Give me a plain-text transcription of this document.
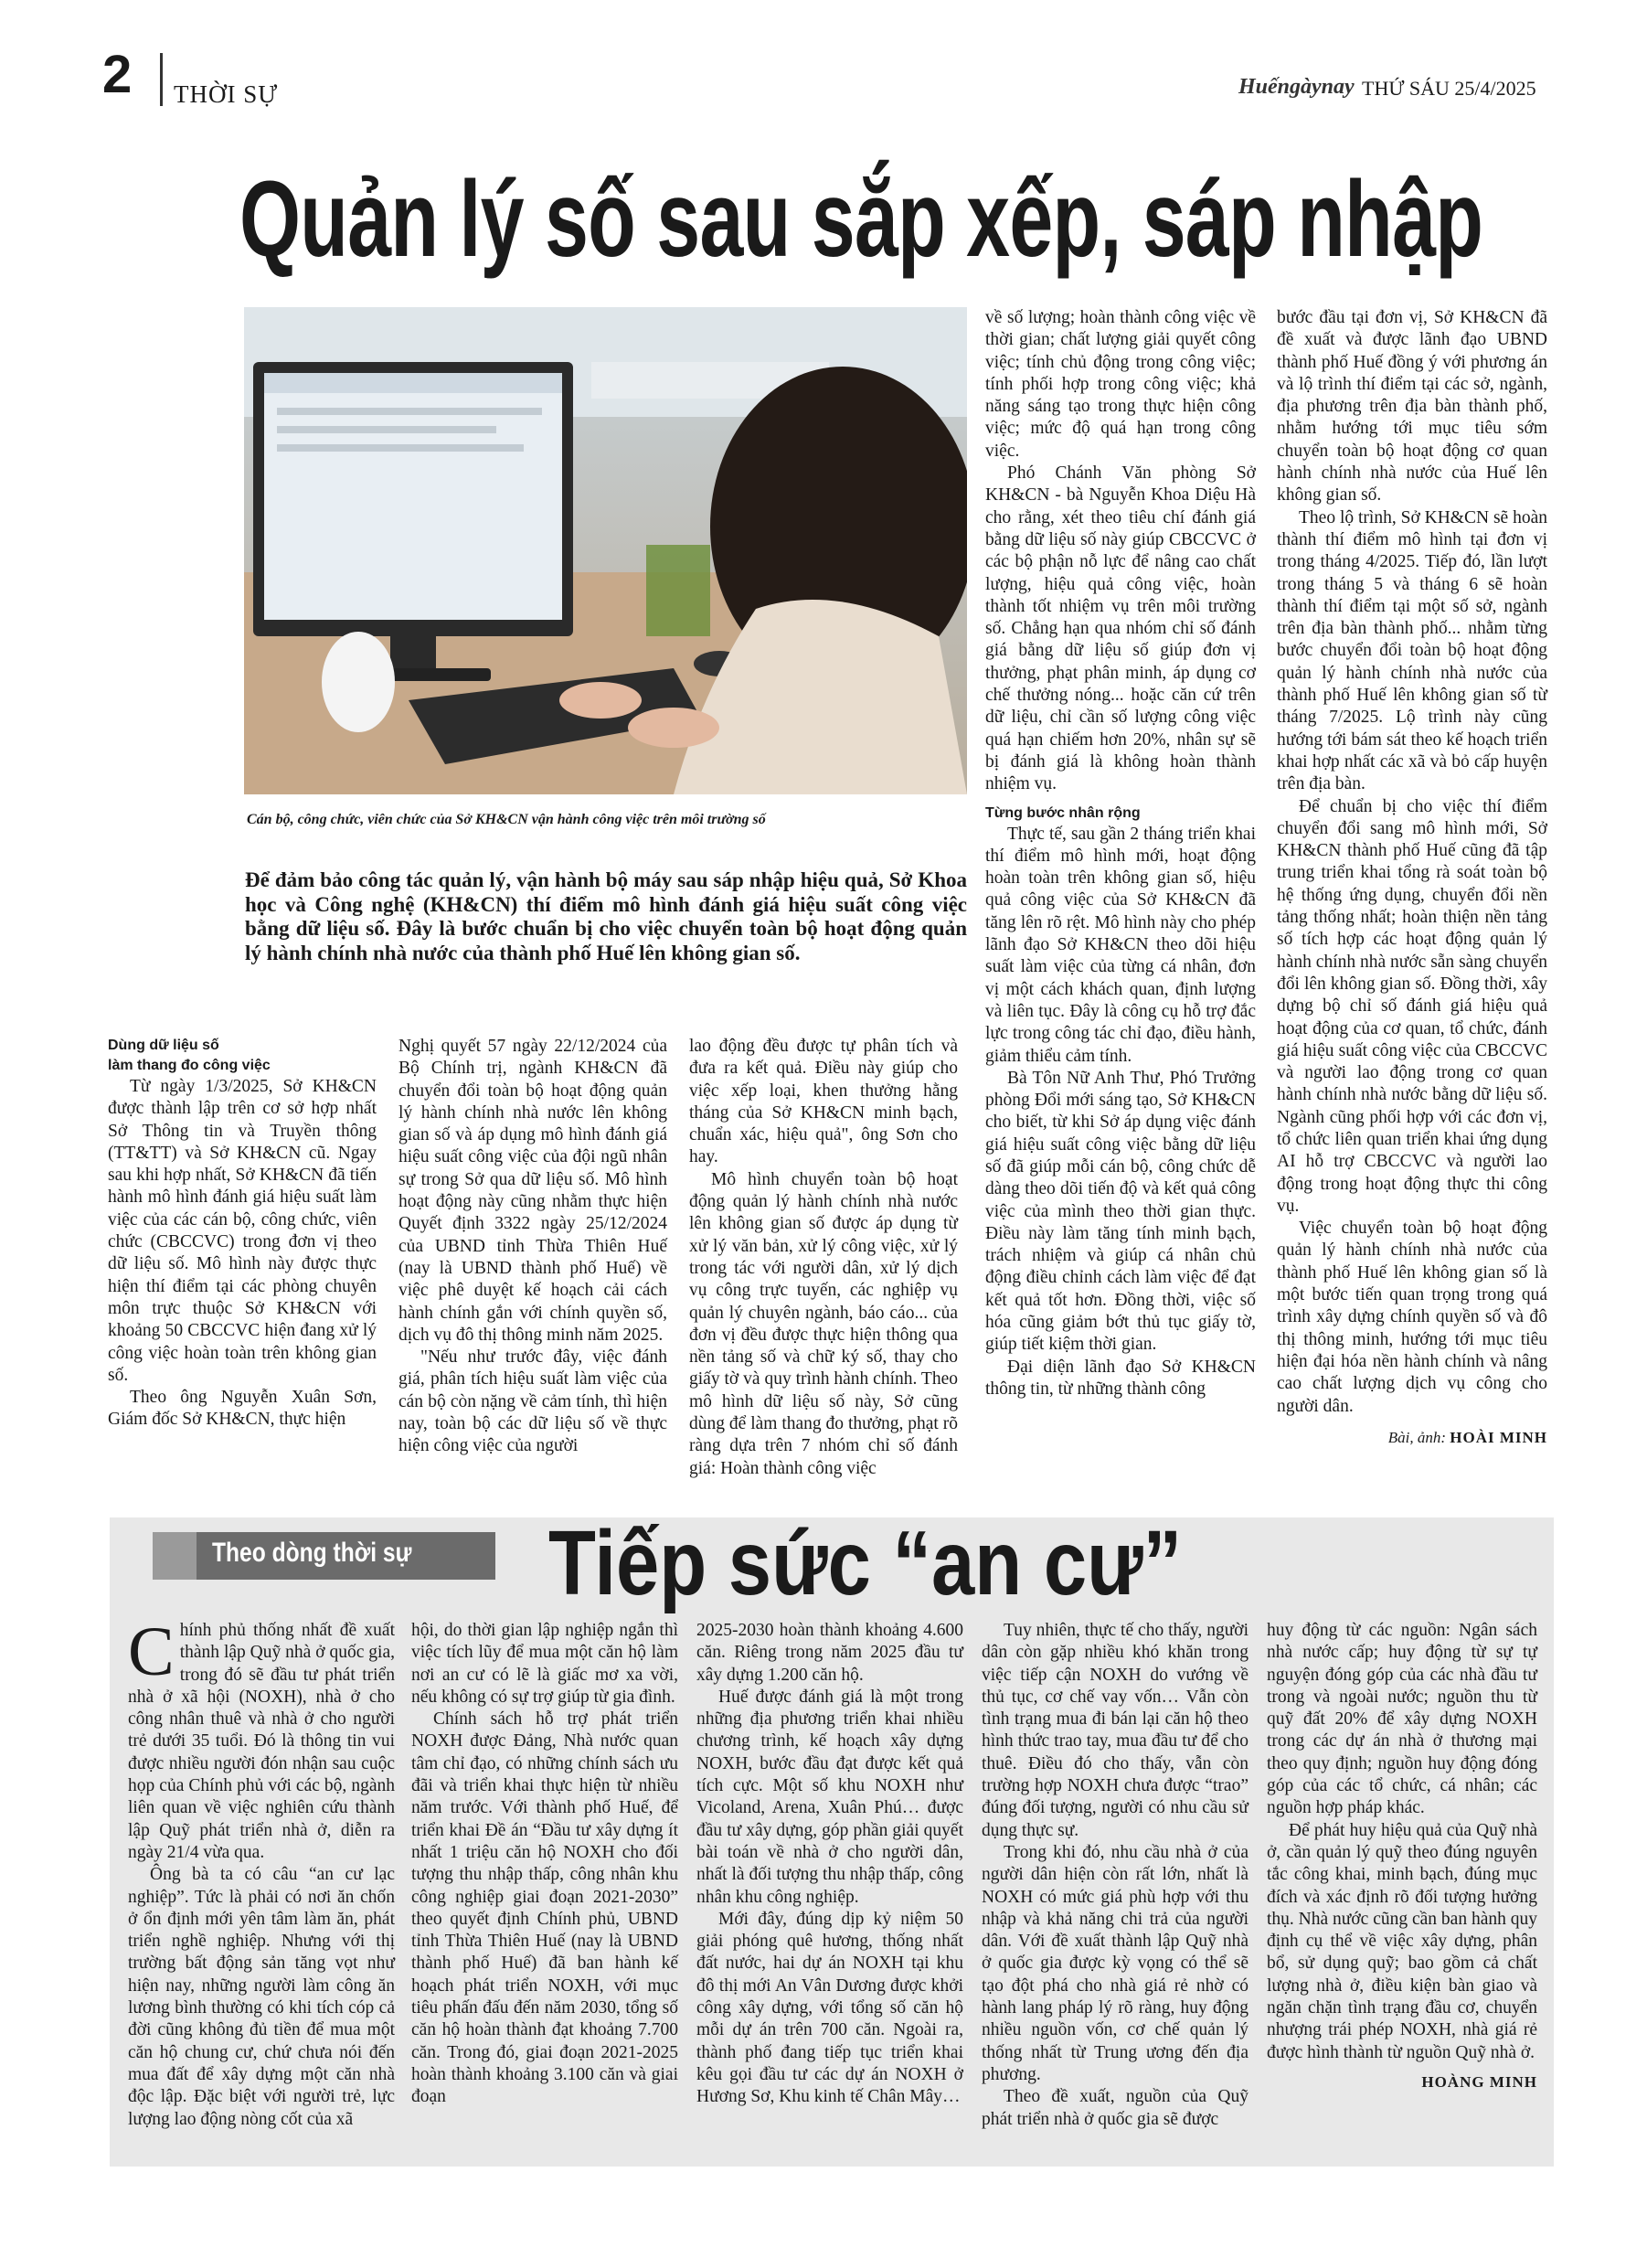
2 THỜI SỰ	Huếngàynay THỨ SÁU 25/4/2025
Quản lý số sau sắp xếp, sáp nhập
Cán bộ, công chức, viên chức của Sở KH&CN vận hành công việc trên môi trường số
Để đảm bảo công tác quản lý, vận hành bộ máy sau sáp nhập hiệu quả, Sở Khoa học và Công nghệ (KH&CN) thí điểm mô hình đánh giá hiệu suất công việc bằng dữ liệu số. Đây là bước chuẩn bị cho việc chuyển toàn bộ hoạt động quản lý hành chính nhà nước của thành phố Huế lên không gian số.
Dùng dữ liệu số
làm thang đo công việc

Từ ngày 1/3/2025, Sở KH&CN được thành lập trên cơ sở hợp nhất Sở Thông tin và Truyền thông (TT&TT) và Sở KH&CN cũ. Ngay sau khi hợp nhất, Sở KH&CN đã tiến hành mô hình đánh giá hiệu suất làm việc của các cán bộ, công chức, viên chức (CBCCVC) trong đơn vị theo dữ liệu số. Mô hình này được thực hiện thí điểm tại các phòng chuyên môn trực thuộc Sở KH&CN với khoảng 50 CBCCVC hiện đang xử lý công việc hoàn toàn trên không gian số.

Theo ông Nguyễn Xuân Sơn, Giám đốc Sở KH&CN, thực hiện

Nghị quyết 57 ngày 22/12/2024 của Bộ Chính trị, ngành KH&CN đã chuyển đổi toàn bộ hoạt động quản lý hành chính nhà nước lên không gian số và áp dụng mô hình đánh giá hiệu suất công việc của đội ngũ nhân sự trong Sở qua dữ liệu số. Mô hình hoạt động này cũng nhằm thực hiện Quyết định 3322 ngày 25/12/2024 của UBND tỉnh Thừa Thiên Huế (nay là UBND thành phố Huế) về việc phê duyệt kế hoạch cải cách hành chính gắn với chính quyền số, dịch vụ đô thị thông minh năm 2025.

"Nếu như trước đây, việc đánh giá, phân tích hiệu suất làm việc của cán bộ còn nặng về cảm tính, thì hiện nay, toàn bộ các dữ liệu số về thực hiện công việc của người

lao động đều được tự phân tích và đưa ra kết quả. Điều này giúp cho việc xếp loại, khen thưởng hằng tháng của Sở KH&CN minh bạch, chuẩn xác, hiệu quả", ông Sơn cho hay.

Mô hình chuyển toàn bộ hoạt động quản lý hành chính nhà nước lên không gian số được áp dụng từ xử lý văn bản, xử lý công việc, xử lý trong tác với người dân, xử lý dịch vụ công trực tuyến, các nghiệp vụ quản lý chuyên ngành, báo cáo... của đơn vị đều được thực hiện thông qua nền tảng số và chữ ký số, thay cho giấy tờ và quy trình hành chính. Theo mô hình dữ liệu số này, Sở cũng dùng để làm thang đo thưởng, phạt rõ ràng dựa trên 7 nhóm chỉ số đánh giá: Hoàn thành công việc

về số lượng; hoàn thành công việc về thời gian; chất lượng giải quyết công việc; tính chủ động trong công việc; tính phối hợp trong công việc; khả năng sáng tạo trong thực hiện công việc; mức độ quá hạn trong công việc.

Phó Chánh Văn phòng Sở KH&CN - bà Nguyễn Khoa Diệu Hà cho rằng, xét theo tiêu chí đánh giá bằng dữ liệu số này giúp CBCCVC ở các bộ phận nỗ lực để nâng cao chất lượng, hiệu quả công việc, hoàn thành tốt nhiệm vụ trên môi trường số. Chẳng hạn qua nhóm chỉ số đánh giá bằng dữ liệu số giúp đơn vị thưởng, phạt phân minh, áp dụng cơ chế thưởng nóng... hoặc căn cứ trên dữ liệu, chỉ cần số lượng công việc quá hạn chiếm hơn 20%, nhân sự sẽ bị đánh giá là không hoàn thành nhiệm vụ.

Từng bước nhân rộng

Thực tế, sau gần 2 tháng triển khai thí điểm mô hình mới, hoạt động hoàn toàn trên không gian số, hiệu quả công việc của Sở KH&CN đã tăng lên rõ rệt. Mô hình này cho phép lãnh đạo Sở KH&CN theo dõi hiệu suất làm việc của từng cá nhân, đơn vị một cách khách quan, định lượng và liên tục. Đây là công cụ hỗ trợ đắc lực trong công tác chỉ đạo, điều hành, giảm thiểu cảm tính.

Bà Tôn Nữ Anh Thư, Phó Trưởng phòng Đổi mới sáng tạo, Sở KH&CN cho biết, từ khi Sở áp dụng việc đánh giá hiệu suất công việc bằng dữ liệu số đã giúp mỗi cán bộ, công chức dễ dàng theo dõi tiến độ và kết quả công việc của mình theo thời gian thực. Điều này làm tăng tính minh bạch, trách nhiệm và giúp cá nhân chủ động điều chỉnh cách làm việc để đạt kết quả tốt hơn. Đồng thời, việc số hóa cũng giảm bớt thủ tục giấy tờ, giúp tiết kiệm thời gian.

Đại diện lãnh đạo Sở KH&CN thông tin, từ những thành công

bước đầu tại đơn vị, Sở KH&CN đã đề xuất và được lãnh đạo UBND thành phố Huế đồng ý với phương án và lộ trình thí điểm tại các sở, ngành, địa phương trên địa bàn thành phố, nhằm hướng tới mục tiêu sớm chuyển toàn bộ hoạt động cơ quan hành chính nhà nước của Huế lên không gian số.

Theo lộ trình, Sở KH&CN sẽ hoàn thành thí điểm mô hình tại đơn vị trong tháng 4/2025. Tiếp đó, lần lượt trong tháng 5 và tháng 6 sẽ hoàn thành thí điểm tại một số sở, ngành trên địa bàn thành phố... nhằm từng bước chuyển đổi toàn bộ hoạt động quản lý hành chính nhà nước của thành phố Huế lên không gian số từ tháng 7/2025. Lộ trình này cũng hướng tới bám sát theo kế hoạch triển khai hợp nhất các xã và bỏ cấp huyện trên địa bàn.

Để chuẩn bị cho việc thí điểm chuyển đổi sang mô hình mới, Sở KH&CN thành phố Huế cũng đã tập trung triển khai tổng rà soát toàn bộ hệ thống ứng dụng, chuyển đổi nền tảng thống nhất; hoàn thiện nền tảng số tích hợp các hoạt động quản lý hành chính nhà nước sẵn sàng chuyển đổi lên không gian số. Đồng thời, xây dựng bộ chỉ số đánh giá hiệu quả hoạt động của cơ quan, tổ chức, đánh giá hiệu suất công việc của CBCCVC và người lao động trong cơ quan hành chính nhà nước bằng dữ liệu số. Ngành cũng phối hợp với các đơn vị, tổ chức liên quan triển khai ứng dụng AI hỗ trợ CBCCVC và người lao động trong hoạt động thực thi công vụ.

Việc chuyển toàn bộ hoạt động quản lý hành chính nhà nước của thành phố Huế lên không gian số là một bước tiến quan trọng trong quá trình xây dựng chính quyền số và đô thị thông minh, hướng tới mục tiêu hiện đại hóa nền hành chính và nâng cao chất lượng dịch vụ công cho người dân.

Bài, ảnh: HOÀI MINH
Theo dòng thời sự Tiếp sức “an cư”

Chính phủ thống nhất đề xuất thành lập Quỹ nhà ở quốc gia, trong đó sẽ đầu tư phát triển nhà ở xã hội (NOXH), nhà ở cho công nhân thuê và nhà ở cho người trẻ dưới 35 tuổi. Đó là thông tin vui được nhiều người đón nhận sau cuộc họp của Chính phủ với các bộ, ngành liên quan về việc nghiên cứu thành lập Quỹ phát triển nhà ở, diễn ra ngày 21/4 vừa qua.

Ông bà ta có câu “an cư lạc nghiệp”. Tức là phải có nơi ăn chốn ở ổn định mới yên tâm làm ăn, phát triển nghề nghiệp. Nhưng với thị trường bất động sản tăng vọt như hiện nay, những người làm công ăn lương bình thường có khi tích cóp cả đời cũng không đủ tiền để mua một căn hộ chung cư, chứ chưa nói đến mua đất để xây dựng một căn nhà độc lập. Đặc biệt với người trẻ, lực lượng lao động nòng cốt của xã

hội, do thời gian lập nghiệp ngắn thì việc tích lũy để mua một căn hộ làm nơi an cư có lẽ là giấc mơ xa vời, nếu không có sự trợ giúp từ gia đình.

Chính sách hỗ trợ phát triển NOXH được Đảng, Nhà nước quan tâm chỉ đạo, có những chính sách ưu đãi và triển khai thực hiện từ nhiều năm trước. Với thành phố Huế, để triển khai Đề án “Đầu tư xây dựng ít nhất 1 triệu căn hộ NOXH cho đối tượng thu nhập thấp, công nhân khu công nghiệp giai đoạn 2021-2030” theo quyết định Chính phủ, UBND tỉnh Thừa Thiên Huế (nay là UBND thành phố Huế) đã ban hành kế hoạch phát triển NOXH, với mục tiêu phấn đấu đến năm 2030, tổng số căn hộ hoàn thành đạt khoảng 7.700 căn. Trong đó, giai đoạn 2021-2025 hoàn thành khoảng 3.100 căn và giai đoạn

2025-2030 hoàn thành khoảng 4.600 căn. Riêng trong năm 2025 đầu tư xây dựng 1.200 căn hộ.

Huế được đánh giá là một trong những địa phương triển khai nhiều chương trình, kế hoạch xây dựng NOXH, bước đầu đạt được kết quả tích cực. Một số khu NOXH như Vicoland, Arena, Xuân Phú… được đầu tư xây dựng, góp phần giải quyết bài toán về nhà ở cho người dân, nhất là đối tượng thu nhập thấp, công nhân khu công nghiệp.

Mới đây, đúng dịp kỷ niệm 50 giải phóng quê hương, thống nhất đất nước, hai dự án NOXH tại khu đô thị mới An Vân Dương được khởi công xây dựng, với tổng số căn hộ mỗi dự án trên 700 căn. Ngoài ra, thành phố đang tiếp tục triển khai kêu gọi đầu tư các dự án NOXH ở Hương Sơ, Khu kinh tế Chân Mây…

Tuy nhiên, thực tế cho thấy, người dân còn gặp nhiều khó khăn trong việc tiếp cận NOXH do vướng về thủ tục, cơ chế vay vốn… Vẫn còn tình trạng mua đi bán lại căn hộ theo hình thức trao tay, mua đầu tư để cho thuê. Điều đó cho thấy, vẫn còn trường hợp NOXH chưa được “trao” đúng đối tượng, người có nhu cầu sử dụng thực sự.

Trong khi đó, nhu cầu nhà ở của người dân hiện còn rất lớn, nhất là NOXH có mức giá phù hợp với thu nhập và khả năng chi trả của người dân. Với đề xuất thành lập Quỹ nhà ở quốc gia được kỳ vọng có thể sẽ tạo đột phá cho nhà giá rẻ nhờ có hành lang pháp lý rõ ràng, huy động nhiều nguồn vốn, cơ chế quản lý thống nhất từ Trung ương đến địa phương.

Theo đề xuất, nguồn của Quỹ phát triển nhà ở quốc gia sẽ được

huy động từ các nguồn: Ngân sách nhà nước cấp; huy động từ sự tự nguyện đóng góp của các nhà đầu tư trong và ngoài nước; nguồn thu từ quỹ đất 20% để xây dựng NOXH trong các dự án nhà ở thương mại theo quy định; nguồn huy động đóng góp của các tổ chức, cá nhân; các nguồn hợp pháp khác.

Để phát huy hiệu quả của Quỹ nhà ở, cần quản lý quỹ theo đúng nguyên tắc công khai, minh bạch, đúng mục đích và xác định rõ đối tượng hưởng thụ. Nhà nước cũng cần ban hành quy định cụ thể về việc xây dựng, phân bổ, sử dụng quỹ; bao gồm cả chất lượng nhà ở, điều kiện bàn giao và ngăn chặn tình trạng đầu cơ, chuyển nhượng trái phép NOXH, nhà giá rẻ được hình thành từ nguồn Quỹ nhà ở.

HOÀNG MINH
